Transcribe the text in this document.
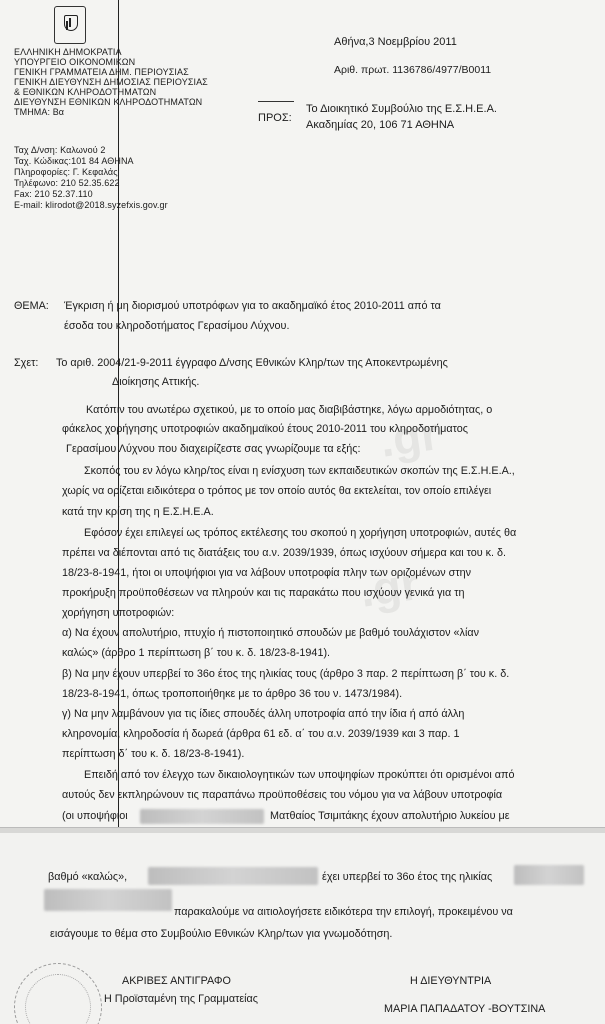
ΕΛΛΗΝΙΚΗ ΔΗΜΟΚΡΑΤΙΑ
ΥΠΟΥΡΓΕΙΟ ΟΙΚΟΝΟΜΙΚΩΝ
ΓΕΝΙΚΗ ΓΡΑΜΜΑΤΕΙΑ ΔΗΜ. ΠΕΡΙΟΥΣΙΑΣ
ΓΕΝΙΚΗ ΔΙΕΥΘΥΝΣΗ ΔΗΜΟΣΙΑΣ ΠΕΡΙΟΥΣΙΑΣ
& ΕΘΝΙΚΩΝ ΚΛΗΡΟΔΟΤΗΜΑΤΩΝ
ΔΙΕΥΘΥΝΣΗ ΕΘΝΙΚΩΝ ΚΛΗΡΟΔΟΤΗΜΑΤΩΝ
ΤΜΗΜΑ: Βα
Αθήνα,3 Νοεμβρίου 2011
Αριθ. πρωτ. 1136786/4977/Β0011
ΠΡΟΣ:
Το Διοικητικό Συμβούλιο της Ε.Σ.Η.Ε.Α.
Ακαδημίας 20, 106 71 ΑΘΗΝΑ
Ταχ Δ/νση: Καλωνού 2
Ταχ. Κώδικας:101 84 ΑΘΗΝΑ
Πληροφορίες: Γ. Κεφαλάς
Τηλέφωνο: 210 52.35.622
Fax: 210 52.37.110
E-mail: klirodot@2018.syzefxis.gov.gr
ΘΕΜΑ: Έγκριση ή μη διορισμού υποτρόφων για το ακαδημαϊκό έτος 2010-2011 από τα
έσοδα του κληροδοτήματος Γερασίμου Λύχνου.
Σχετ: Το αριθ. 2004/21-9-2011 έγγραφο Δ/νσης Εθνικών Κληρ/των της Αποκεντρωμένης
Διοίκησης Αττικής.
.gr
.gr
Κατόπιν του ανωτέρω σχετικού, με το οποίο μας διαβιβάστηκε, λόγω αρμοδιότητας, ο
φάκελος χορήγησης υποτροφιών ακαδημαϊκού έτους 2010-2011 του κληροδοτήματος
Γερασίμου Λύχνου που διαχειρίζεστε σας γνωρίζουμε τα εξής:
Σκοπός του εν λόγω κληρ/τος είναι η ενίσχυση των εκπαιδευτικών σκοπών της Ε.Σ.Η.Ε.Α.,
χωρίς να ορίζεται ειδικότερα ο τρόπος με τον οποίο αυτός θα εκτελείται, τον οποίο επιλέγει
κατά την κρίση της η Ε.Σ.Η.Ε.Α.
Εφόσον έχει επιλεγεί ως τρόπος εκτέλεσης του σκοπού η χορήγηση υποτροφιών, αυτές θα
πρέπει να διέπονται από τις διατάξεις του α.ν. 2039/1939, όπως ισχύουν σήμερα και του κ. δ.
18/23-8-1941, ήτοι οι υποψήφιοι για να λάβουν υποτροφία πλην των οριζομένων στην
προκήρυξη προϋποθέσεων να πληρούν και τις παρακάτω που ισχύουν γενικά για τη
χορήγηση υποτροφιών:
α) Να έχουν απολυτήριο, πτυχίο ή πιστοποιητικό σπουδών με βαθμό τουλάχιστον «λίαν
καλώς» (άρθρο 1 περίπτωση β΄ του κ. δ. 18/23-8-1941).
β) Να μην έχουν υπερβεί το 36ο έτος της ηλικίας τους (άρθρο 3 παρ. 2 περίπτωση β΄ του κ. δ.
18/23-8-1941, όπως τροποποιήθηκε με το άρθρο 36 του ν. 1473/1984).
γ) Να μην λαμβάνουν για τις ίδιες σπουδές άλλη υποτροφία από την ίδια ή από άλλη
κληρονομία, κληροδοσία ή δωρεά (άρθρα 61 εδ. α΄ του α.ν. 2039/1939 και 3 παρ. 1
περίπτωση δ΄ του κ. δ. 18/23-8-1941).
Επειδή από τον έλεγχο των δικαιολογητικών των υποψηφίων προκύπτει ότι ορισμένοι από
αυτούς δεν εκπληρώνουν τις παραπάνω προϋποθέσεις του νόμου για να λάβουν υποτροφία
(οι υποψήφιοι	Ματθαίος Τσιμιτάκης έχουν απολυτήριο λυκείου με
βαθμό «καλώς»,	έχει υπερβεί το 36ο έτος της ηλικίας
παρακαλούμε να αιτιολογήσετε ειδικότερα την επιλογή, προκειμένου να
εισάγουμε το θέμα στο Συμβούλιο Εθνικών Κληρ/των για γνωμοδότηση.
ΑΚΡΙΒΕΣ ΑΝΤΙΓΡΑΦΟ
Η Προϊσταμένη της Γραμματείας
Η ΔΙΕΥΘΥΝΤΡΙΑ
ΜΑΡΙΑ ΠΑΠΑΔΑΤΟΥ -ΒΟΥΤΣΙΝΑ
